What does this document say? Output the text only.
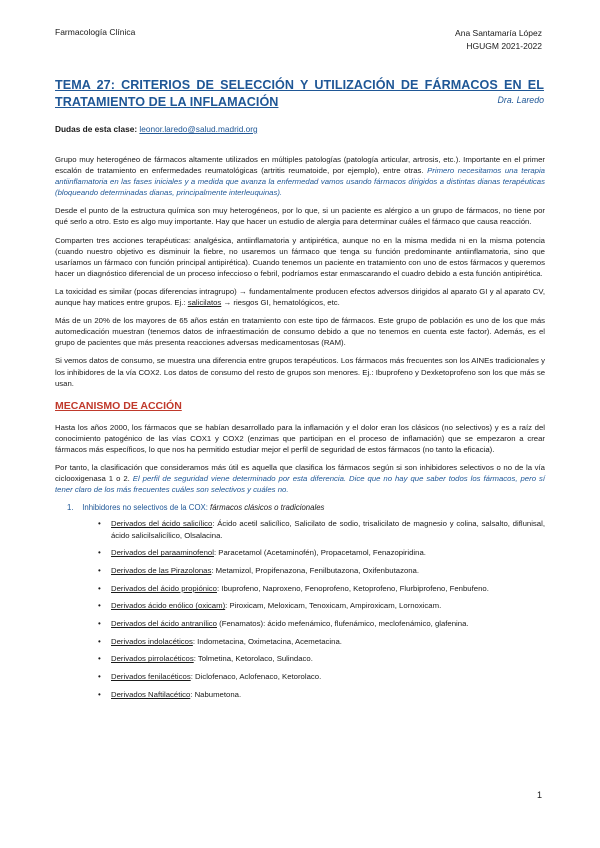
Farmacología Clínica	Ana Santamaría López
HGUGM 2021-2022
TEMA 27: CRITERIOS DE SELECCIÓN Y UTILIZACIÓN DE FÁRMACOS EN EL
TRATAMIENTO DE LA INFLAMACIÓN	Dra. Laredo
Dudas de esta clase: leonor.laredo@salud.madrid.org

Grupo muy heterogéneo de fármacos altamente utilizados en múltiples patologías (patología articular, artrosis, etc.). Importante en el primer escalón de tratamiento en enfermedades reumatológicas (artritis reumatoide, por ejemplo), entre otras. Primero necesitamos una terapia antiinflamatoria en las fases iniciales y a medida que avanza la enfermedad vamos usando fármacos dirigidos a distintas dianas terapéuticas (bloqueando determinadas dianas, principalmente interleuquinas).

Desde el punto de la estructura química son muy heterogéneos, por lo que, si un paciente es alérgico a un grupo de fármacos, no tiene por qué serlo a otro. Esto es algo muy importante. Hay que hacer un estudio de alergia para determinar cuáles el fármaco que causa reacción.

Comparten tres acciones terapéuticas: analgésica, antiinflamatoria y antipirética, aunque no en la misma medida ni en la misma potencia (cuando nuestro objetivo es disminuir la fiebre, no usaremos un fármaco que tenga su función predominante antiinflamatoria, sino que usaríamos un fármaco con función principal antipirética). Cuando tenemos un paciente en tratamiento con uno de estos fármacos y queremos hacer un diagnóstico diferencial de un proceso infeccioso o febril, podríamos estar enmascarando el cuadro debido a esta función antipirética.

La toxicidad es similar (pocas diferencias intragrupo) → fundamentalmente producen efectos adversos dirigidos al aparato GI y al aparato CV, aunque hay matices entre grupos. Ej.: salicilatos → riesgos GI, hematológicos, etc.

Más de un 20% de los mayores de 65 años están en tratamiento con este tipo de fármacos. Este grupo de población es uno de los que más automedicación muestran (tenemos datos de infraestimación de consumo debido a que no tenemos en cuenta este factor). Además, es el grupo de pacientes que más presenta reacciones adversas medicamentosas (RAM).

Si vemos datos de consumo, se muestra una diferencia entre grupos terapéuticos. Los fármacos más frecuentes son los AINEs tradicionales y los inhibidores de la vía COX2. Los datos de consumo del resto de grupos son menores. Ej.: Ibuprofeno y Dexketoprofeno son los que más se usan.

MECANISMO DE ACCIÓN

Hasta los años 2000, los fármacos que se habían desarrollado para la inflamación y el dolor eran los clásicos (no selectivos) y es a raíz del conocimiento patogénico de las vías COX1 y COX2 (enzimas que participan en el proceso de inflamación) que se empezaron a crear fármacos más específicos, lo que nos ha permitido estudiar mejor el perfil de seguridad de estos fármacos (no tanto la eficacia).

Por tanto, la clasificación que consideramos más útil es aquella que clasifica los fármacos según si son inhibidores selectivos o no de la vía ciclooxigenasa 1 o 2. El perfil de seguridad viene determinado por esta diferencia. Dice que no hay que saber todos los fármacos, pero sí tener claro de los más frecuentes cuáles son selectivos y cuáles no.

1. Inhibidores no selectivos de la COX: fármacos clásicos o tradicionales
• Derivados del ácido salicílico: Ácido acetil salicílico, Salicilato de sodio, trisalicilato de magnesio y colina, salsalto, diflunisal, ácido salicilsalicílico, Olsalacina.
• Derivados del paraaminofenol: Paracetamol (Acetaminofén), Propacetamol, Fenazopiridina.
• Derivados de las Pirazolonas: Metamizol, Propifenazona, Fenilbutazona, Oxifenbutazona.
• Derivados del ácido propiónico: Ibuprofeno, Naproxeno, Fenoprofeno, Ketoprofeno, Flurbiprofeno, Fenbufeno.
• Derivados ácido enólico (oxicam): Piroxicam, Meloxicam, Tenoxicam, Ampiroxicam, Lornoxicam.
• Derivados del ácido antranílico (Fenamatos): ácido mefenámico, flufenámico, meclofenámico, glafenina.
• Derivados indolacéticos: Indometacina, Oximetacina, Acemetacina.
• Derivados pirrolacéticos: Tolmetina, Ketorolaco, Sulindaco.
• Derivados fenilacéticos: Diclofenaco, Aclofenaco, Ketorolaco.
• Derivados Naftilacético: Nabumetona.
1
